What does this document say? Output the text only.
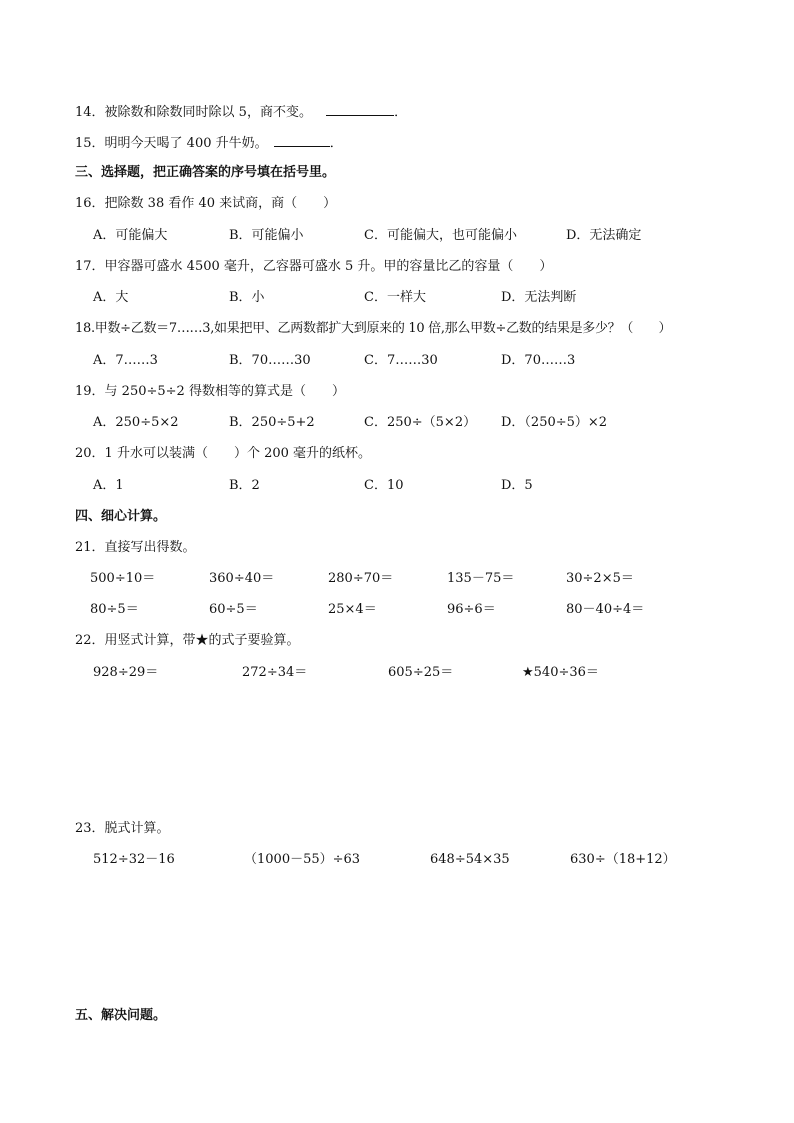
14．被除数和除数同时除以 5，商不变。	．
15．明明今天喝了 400 升牛奶。	．
三、选择题，把正确答案的序号填在括号里。
16．把除数 38 看作 40 来试商，商（　　）
A．可能偏大	B．可能偏小	C．可能偏大，也可能偏小	D．无法确定
17．甲容器可盛水 4500 毫升，乙容器可盛水 5 升。甲的容量比乙的容量（　　）
A．大	B．小	C．一样大	D．无法判断
18.甲数÷乙数＝7……3,如果把甲、乙两数都扩大到原来的 10 倍,那么甲数÷乙数的结果是多少？（　　）
A．7……3	B．70……30	C．7……30	D．70……3
19．与 250÷5÷2 得数相等的算式是（　　）
A．250÷5×2	B．250÷5+2	C．250÷（5×2） D．（250÷5）×2
20．1 升水可以装满（　　）个 200 毫升的纸杯。
A．1	B．2	C．10	D．5
四、细心计算。
21．直接写出得数。
500÷10＝	360÷40＝	280÷70＝	135－75＝	30÷2×5＝
80÷5＝	60÷5＝	25×4＝	96÷6＝	80－40÷4＝
22．用竖式计算，带★的式子要验算。
928÷29＝	272÷34＝	605÷25＝	★540÷36＝
23．脱式计算。
512÷32－16	（1000－55）÷63	648÷54×35	630÷（18+12）
五、解决问题。
